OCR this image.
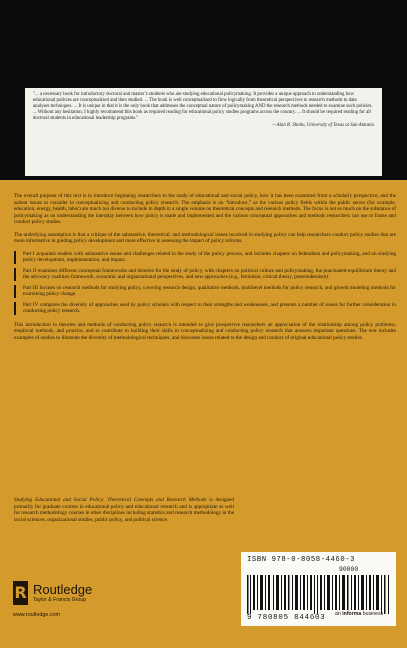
"... a necessary book for introductory doctoral and master’s students who are studying educational policymaking. It provides a unique approach to understanding how educational policies are conceptualized and then studied. ... The book is well conceptualized to flow logically from theoretical perspectives to research methods to data analyses techniques. ... It is unique in that it is the only book that addresses the conceptual nature of policymaking AND the research methods needed to examine such policies. ... Without any hesitation, I highly recommend this book as required reading for educational policy studies programs across the country. ... It should be required reading for all doctoral students in educational leadership programs."
—Alan R. Shoho, University of Texas at San Antonio

The overall purpose of this text is to introduce beginning researchers to the study of educational and social policy, how it has been examined from a scholarly perspective, and the salient issues to consider in conceptualizing and conducting policy research. The emphasis is on “introduce,” as the various policy fields within the public sector (for example, education, energy, health, labor) are much too diverse to include in depth in a single volume on theoretical concepts and research methods. The focus is not so much on the substance of policymaking as on understanding the interplay between how policy is made and implemented and the various conceptual approaches and methods researchers can use to frame and conduct policy studies.

The underlying assumption is that a critique of the substantive, theoretical, and methodological issues involved in studying policy can help researchers conduct policy studies that are more informative in guiding policy development and more effective in assessing the impact of policy reforms.

Part I acquaints readers with substantive issues and challenges related to the study of the policy process, and includes chapters on federalism and policymaking, and on studying policy development, implementation, and impact.
Part II examines different conceptual frameworks and theories for the study of policy, with chapters on political culture and policymaking, the punctuated-equilibrium theory and the advocacy coalition framework, economic and organizational perspectives, and new approaches (e.g., feminism, critical theory, postmodernism).
Part III focuses on research methods for studying policy, covering research design, qualitative methods, multilevel methods for policy research, and growth modeling methods for examining policy change.
Part IV compares the diversity of approaches used by policy scholars with respect to their strengths and weaknesses, and presents a number of issues for further consideration in conducting policy research.

This introduction to theories and methods of conducting policy research is intended to give prospective researchers an appreciation of the relationship among policy problems, empirical methods, and practice, and to contribute to building their skills in conceptualizing and conducting policy research that answers important questions. The text includes examples of studies to illustrate the diversity of methodological techniques, and discusses issues related to the design and conduct of original educational policy studies.

Studying Educational and Social Policy: Theoretical Concepts and Research Methods is designed primarily for graduate courses in educational policy and educational research and is appropriate as well for research methodology courses in other disciplines including statistics and research methodology in the social sciences, organizational studies, public policy, and political science.

R Routledge
Taylor & Francis Group
www.routledge.com
ISBN 978-0-8058-4460-3
90000
9 780805 844603 an informa business
